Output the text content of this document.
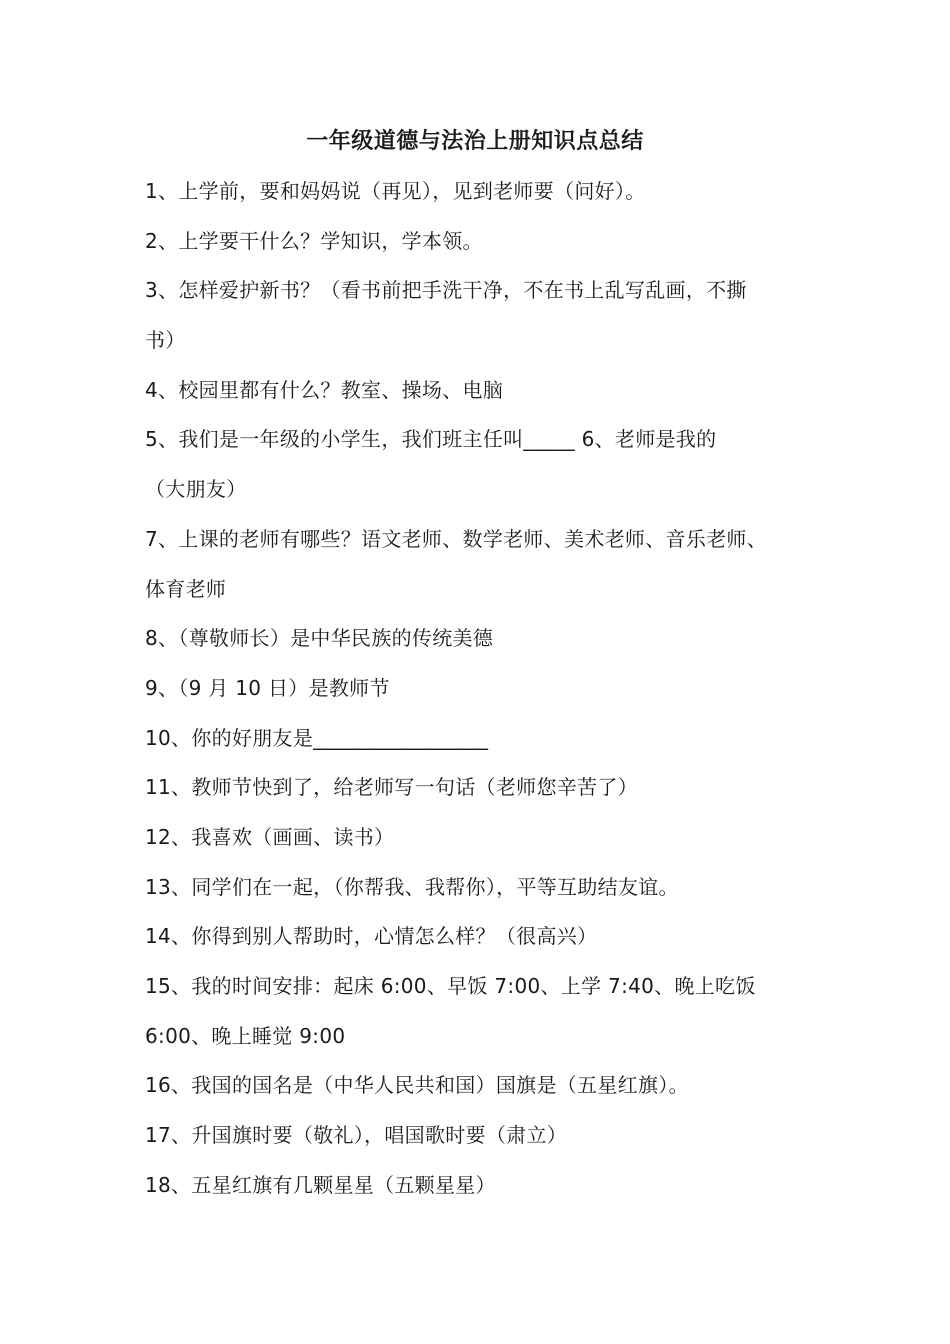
一年级道德与法治上册知识点总结
1、上学前，要和妈妈说（再见），见到老师要（问好）。
2、上学要干什么？学知识，学本领。
3、怎样爱护新书？（看书前把手洗干净，不在书上乱写乱画，不撕
书）
4、校园里都有什么？教室、操场、电脑
5、我们是一年级的小学生，我们班主任叫_____ 6、老师是我的
（大朋友）
7、上课的老师有哪些？语文老师、数学老师、美术老师、音乐老师、
体育老师
8、（尊敬师长）是中华民族的传统美德
9、（9 月 10 日）是教师节
10、你的好朋友是_________________
11、教师节快到了，给老师写一句话（老师您辛苦了）
12、我喜欢（画画、读书）
13、同学们在一起，（你帮我、我帮你），平等互助结友谊。
14、你得到别人帮助时，心情怎么样？（很高兴）
15、我的时间安排：起床 6:00、早饭 7:00、上学 7:40、晚上吃饭
6:00、晚上睡觉 9:00
16、我国的国名是（中华人民共和国）国旗是（五星红旗）。
17、升国旗时要（敬礼），唱国歌时要（肃立）
18、五星红旗有几颗星星（五颗星星）
